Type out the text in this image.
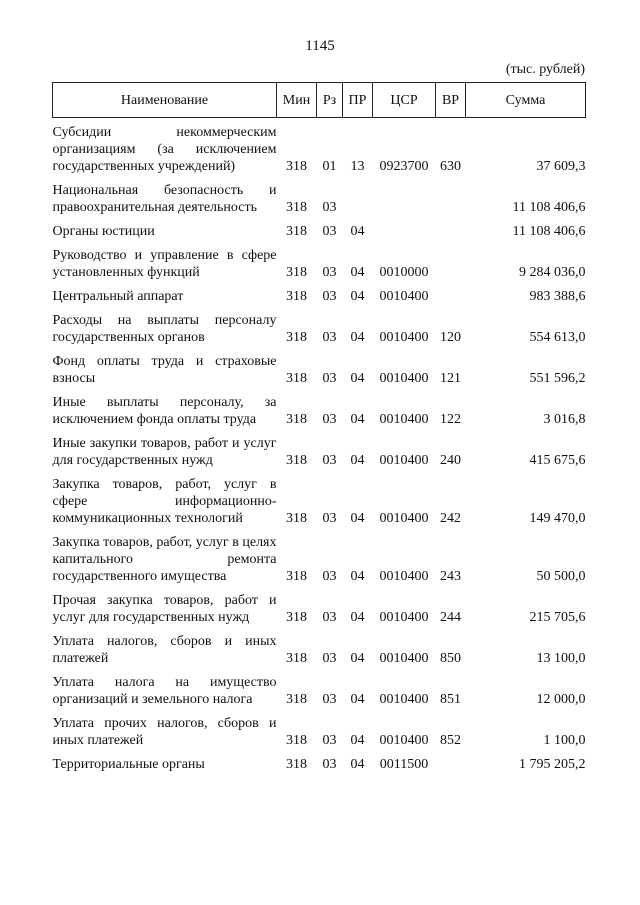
1145
(тыс. рублей)
Наименование	Мин	Рз	ПР	ЦСР	ВР	Сумма
Субсидии некоммерческим организациям (за исключением государственных учреждений)	318	01	13	0923700	630	37 609,3
Национальная безопасность и правоохранительная деятельность	318	03				11 108 406,6
Органы юстиции	318	03	04			11 108 406,6
Руководство и управление в сфере установленных функций	318	03	04	0010000		9 284 036,0
Центральный аппарат	318	03	04	0010400		983 388,6
Расходы на выплаты персоналу государственных органов	318	03	04	0010400	120	554 613,0
Фонд оплаты труда и страховые взносы	318	03	04	0010400	121	551 596,2
Иные выплаты персоналу, за исключением фонда оплаты труда	318	03	04	0010400	122	3 016,8
Иные закупки товаров, работ и услуг для государственных нужд	318	03	04	0010400	240	415 675,6
Закупка товаров, работ, услуг в сфере информационно-коммуникационных технологий	318	03	04	0010400	242	149 470,0
Закупка товаров, работ, услуг в целях капитального ремонта государственного имущества	318	03	04	0010400	243	50 500,0
Прочая закупка товаров, работ и услуг для государственных нужд	318	03	04	0010400	244	215 705,6
Уплата налогов, сборов и иных платежей	318	03	04	0010400	850	13 100,0
Уплата налога на имущество организаций и земельного налога	318	03	04	0010400	851	12 000,0
Уплата прочих налогов, сборов и иных платежей	318	03	04	0010400	852	1 100,0
Территориальные органы	318	03	04	0011500		1 795 205,2
